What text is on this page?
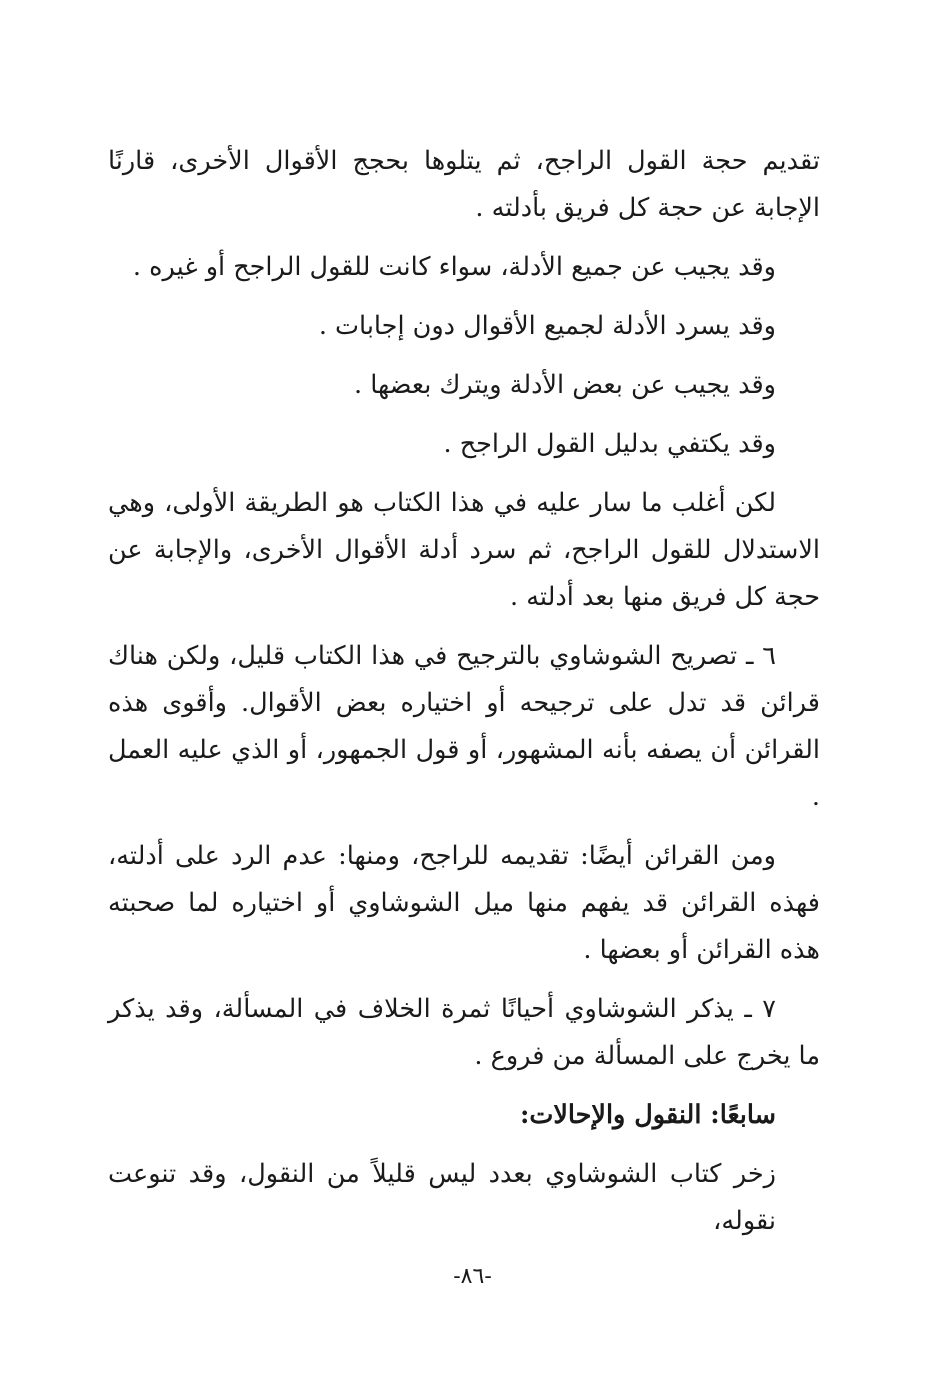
تقديم حجة القول الراجح، ثم يتلوها بحجج الأقوال الأخرى، قارنًا الإجابة عن حجة كل فريق بأدلته .

وقد يجيب عن جميع الأدلة، سواء كانت للقول الراجح أو غيره .

وقد يسرد الأدلة لجميع الأقوال دون إجابات .

وقد يجيب عن بعض الأدلة ويترك بعضها .

وقد يكتفي بدليل القول الراجح .

لكن أغلب ما سار عليه في هذا الكتاب هو الطريقة الأولى، وهي الاستدلال للقول الراجح، ثم سرد أدلة الأقوال الأخرى، والإجابة عن حجة كل فريق منها بعد أدلته .

٦ ـ تصريح الشوشاوي بالترجيح في هذا الكتاب قليل، ولكن هناك قرائن قد تدل على ترجيحه أو اختياره بعض الأقوال. وأقوى هذه القرائن أن يصفه بأنه المشهور، أو قول الجمهور، أو الذي عليه العمل .

ومن القرائن أيضًا: تقديمه للراجح، ومنها: عدم الرد على أدلته، فهذه القرائن قد يفهم منها ميل الشوشاوي أو اختياره لما صحبته هذه القرائن أو بعضها .

٧ ـ يذكر الشوشاوي أحيانًا ثمرة الخلاف في المسألة، وقد يذكر ما يخرج على المسألة من فروع .

سابعًا: النقول والإحالات:

زخر كتاب الشوشاوي بعدد ليس قليلاً من النقول، وقد تنوعت نقوله،

-٨٦-
